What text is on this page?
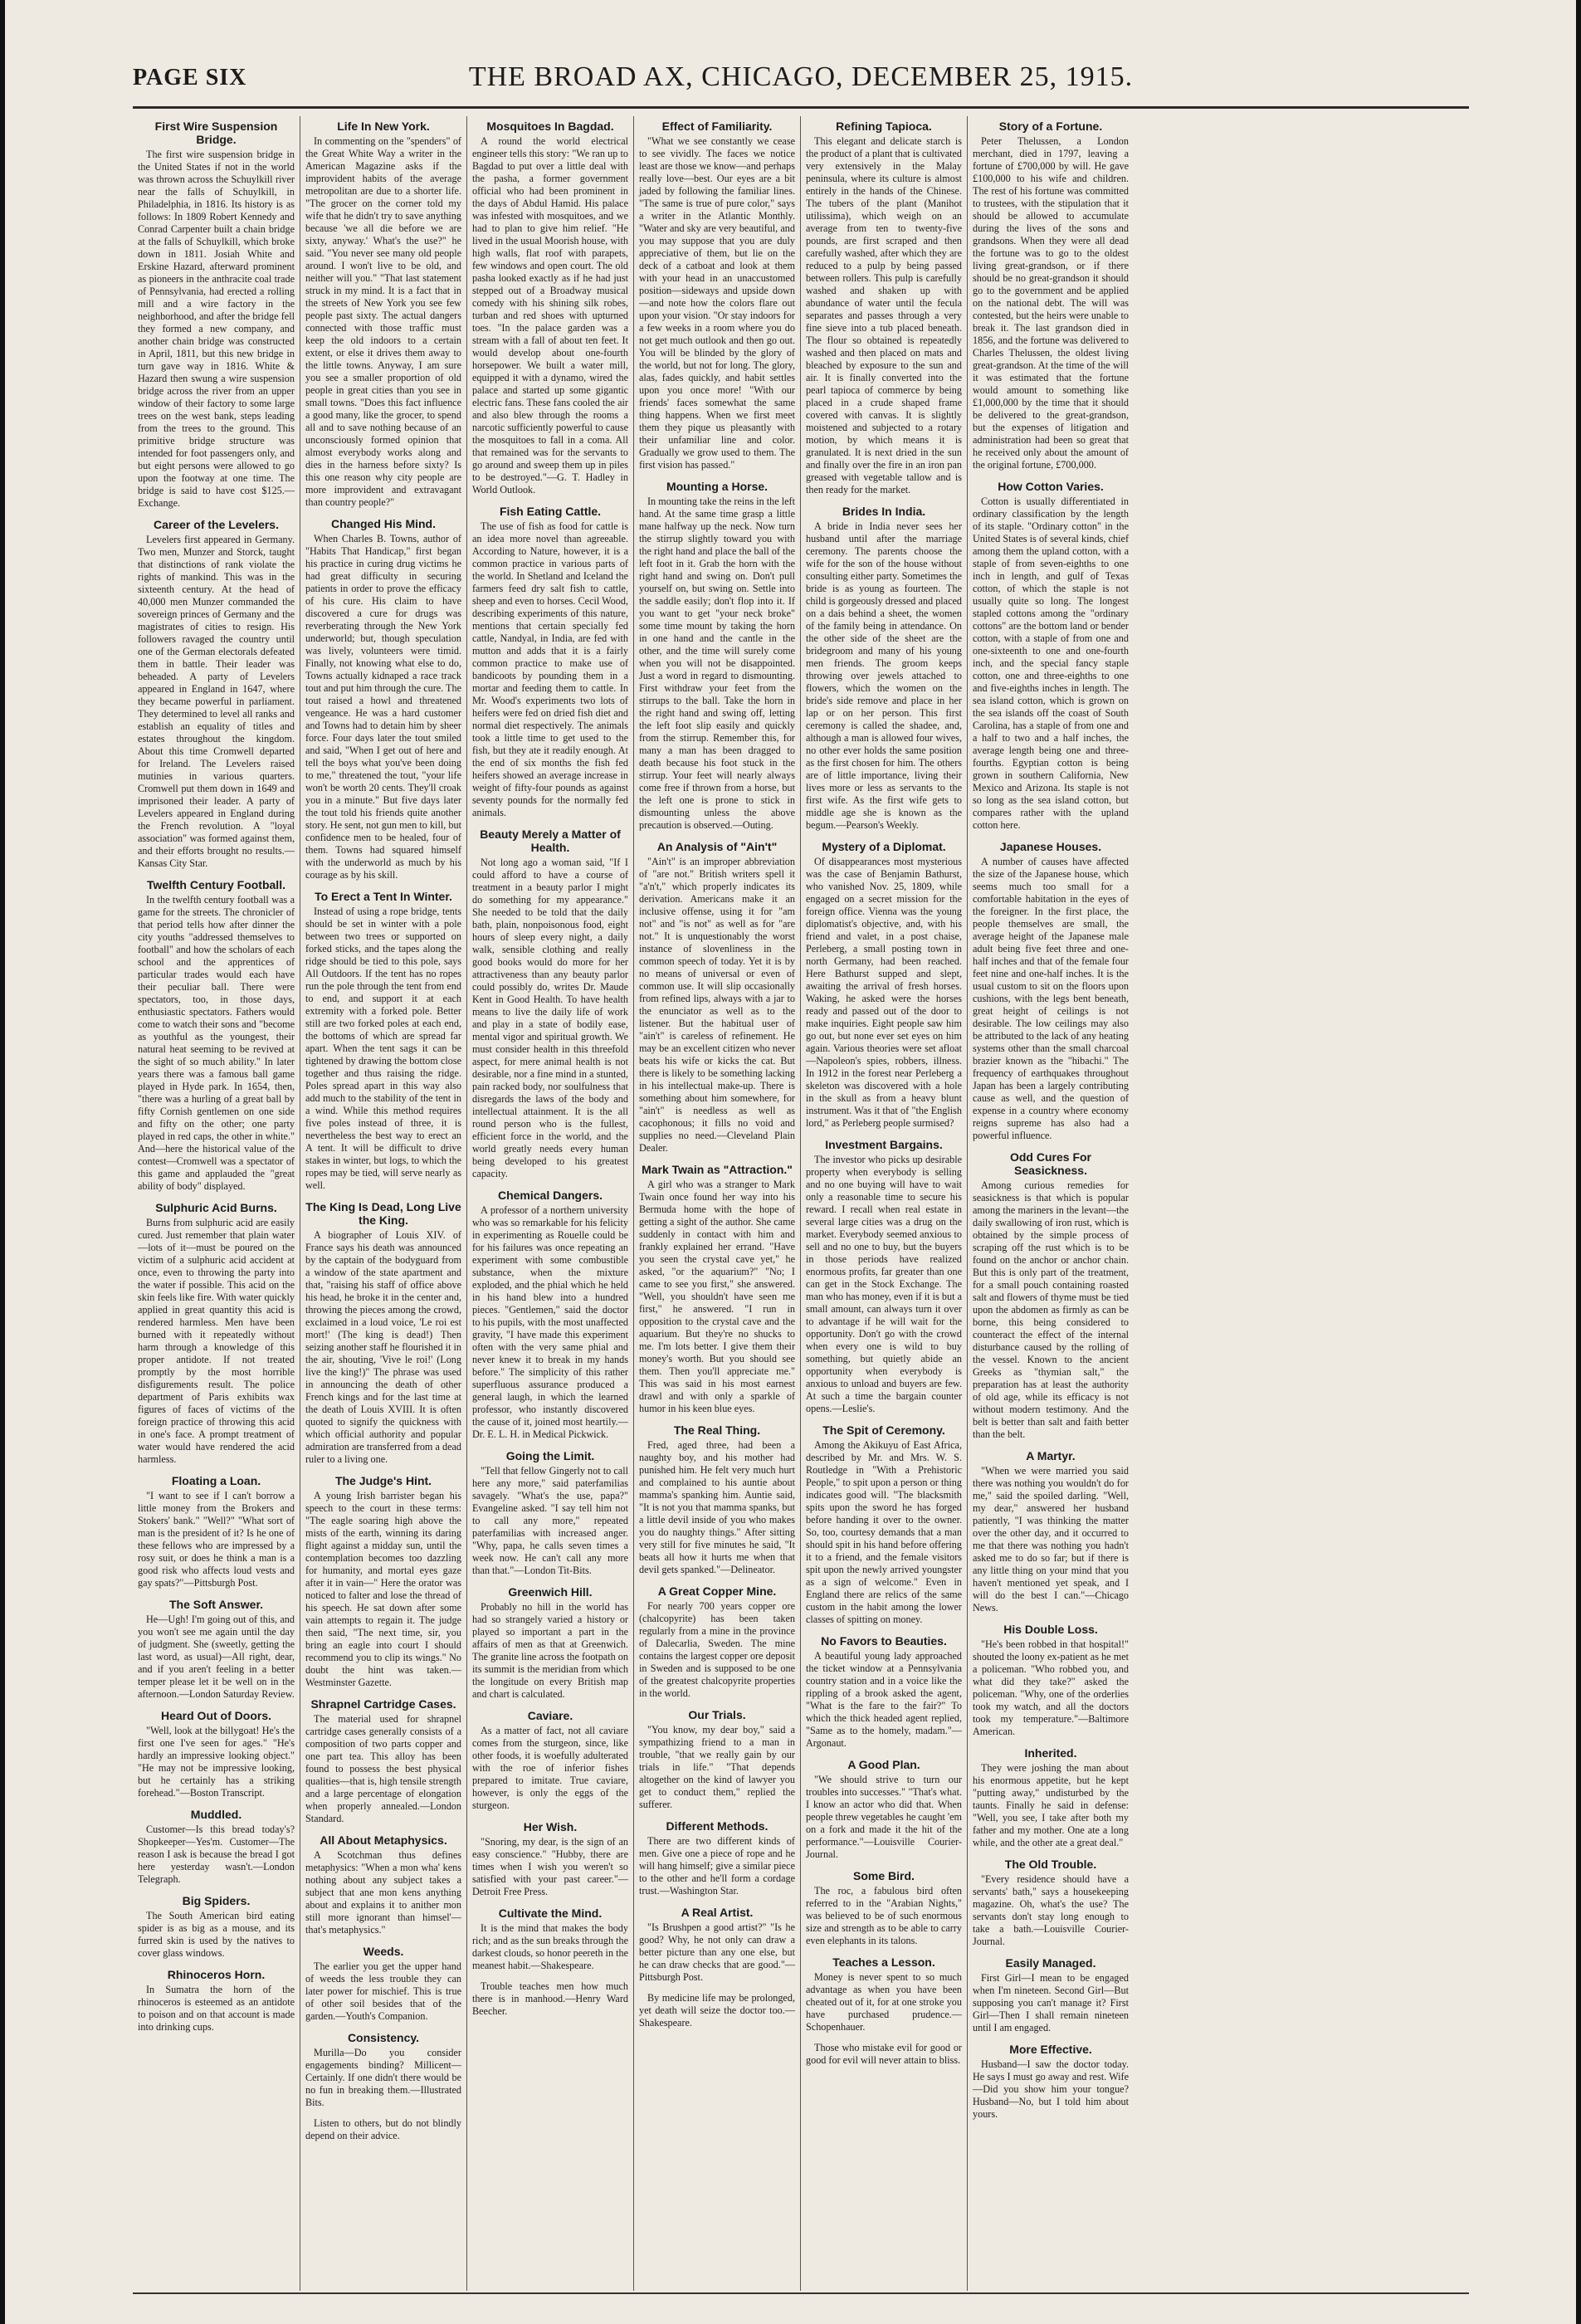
PAGE SIX	THE BROAD AX, CHICAGO, DECEMBER 25, 1915.
First Wire Suspension Bridge.

The first wire suspension bridge in the United States if not in the world was thrown across the Schuylkill river near the falls of Schuylkill, in Philadelphia, in 1816. Its history is as follows: In 1809 Robert Kennedy and Conrad Carpenter built a chain bridge at the falls of Schuylkill, which broke down in 1811. Josiah White and Erskine Hazard, afterward prominent as pioneers in the anthracite coal trade of Pennsylvania, had erected a rolling mill and a wire factory in the neighborhood, and after the bridge fell they formed a new company, and another chain bridge was constructed in April, 1811, but this new bridge in turn gave way in 1816. White & Hazard then swung a wire suspension bridge across the river from an upper window of their factory to some large trees on the west bank, steps leading from the trees to the ground. This primitive bridge structure was intended for foot passengers only, and but eight persons were allowed to go upon the footway at one time. The bridge is said to have cost $125.—Exchange.

Career of the Levelers.

Levelers first appeared in Germany. Two men, Munzer and Storck, taught that distinctions of rank violate the rights of mankind. This was in the sixteenth century. At the head of 40,000 men Munzer commanded the sovereign princes of Germany and the magistrates of cities to resign. His followers ravaged the country until one of the German electorals defeated them in battle. Their leader was beheaded. A party of Levelers appeared in England in 1647, where they became powerful in parliament. They determined to level all ranks and establish an equality of titles and estates throughout the kingdom. About this time Cromwell departed for Ireland. The Levelers raised mutinies in various quarters. Cromwell put them down in 1649 and imprisoned their leader. A party of Levelers appeared in England during the French revolution. A "loyal association" was formed against them, and their efforts brought no results.—Kansas City Star.

Twelfth Century Football.

In the twelfth century football was a game for the streets. The chronicler of that period tells how after dinner the city youths "addressed themselves to football" and how the scholars of each school and the apprentices of particular trades would each have their peculiar ball. There were spectators, too, in those days, enthusiastic spectators. Fathers would come to watch their sons and "become as youthful as the youngest, their natural heat seeming to be revived at the sight of so much ability." In later years there was a famous ball game played in Hyde park. In 1654, then, "there was a hurling of a great ball by fifty Cornish gentlemen on one side and fifty on the other; one party played in red caps, the other in white." And—here the historical value of the contest—Cromwell was a spectator of this game and applauded the "great ability of body" displayed.

Sulphuric Acid Burns.

Burns from sulphuric acid are easily cured. Just remember that plain water—lots of it—must be poured on the victim of a sulphuric acid accident at once, even to throwing the party into the water if possible. This acid on the skin feels like fire. With water quickly applied in great quantity this acid is rendered harmless. Men have been burned with it repeatedly without harm through a knowledge of this proper antidote. If not treated promptly by the most horrible disfigurements result. The police department of Paris exhibits wax figures of faces of victims of the foreign practice of throwing this acid in one's face. A prompt treatment of water would have rendered the acid harmless.

Floating a Loan.

"I want to see if I can't borrow a little money from the Brokers and Stokers' bank." "Well?" "What sort of man is the president of it? Is he one of these fellows who are impressed by a rosy suit, or does he think a man is a good risk who affects loud vests and gay spats?"—Pittsburgh Post.

The Soft Answer.

He—Ugh! I'm going out of this, and you won't see me again until the day of judgment. She (sweetly, getting the last word, as usual)—All right, dear, and if you aren't feeling in a better temper please let it be well on in the afternoon.—London Saturday Review.

Heard Out of Doors.

"Well, look at the billygoat! He's the first one I've seen for ages." "He's hardly an impressive looking object." "He may not be impressive looking, but he certainly has a striking forehead."—Boston Transcript.

Muddled.

Customer—Is this bread today's? Shopkeeper—Yes'm. Customer—The reason I ask is because the bread I got here yesterday wasn't.—London Telegraph.

Big Spiders.

The South American bird eating spider is as big as a mouse, and its furred skin is used by the natives to cover glass windows.

Rhinoceros Horn.

In Sumatra the horn of the rhinoceros is esteemed as an antidote to poison and on that account is made into drinking cups.

Life In New York.

In commenting on the "spenders" of the Great White Way a writer in the American Magazine asks if the improvident habits of the average metropolitan are due to a shorter life. "The grocer on the corner told my wife that he didn't try to save anything because 'we all die before we are sixty, anyway.' What's the use?" he said. "You never see many old people around. I won't live to be old, and neither will you." "That last statement struck in my mind. It is a fact that in the streets of New York you see few people past sixty. The actual dangers connected with those traffic must keep the old indoors to a certain extent, or else it drives them away to the little towns. Anyway, I am sure you see a smaller proportion of old people in great cities than you see in small towns. "Does this fact influence a good many, like the grocer, to spend all and to save nothing because of an unconsciously formed opinion that almost everybody works along and dies in the harness before sixty? Is this one reason why city people are more improvident and extravagant than country people?"

Changed His Mind.

When Charles B. Towns, author of "Habits That Handicap," first began his practice in curing drug victims he had great difficulty in securing patients in order to prove the efficacy of his cure. His claim to have discovered a cure for drugs was reverberating through the New York underworld; but, though speculation was lively, volunteers were timid. Finally, not knowing what else to do, Towns actually kidnaped a race track tout and put him through the cure. The tout raised a howl and threatened vengeance. He was a hard customer and Towns had to detain him by sheer force. Four days later the tout smiled and said, "When I get out of here and tell the boys what you've been doing to me," threatened the tout, "your life won't be worth 20 cents. They'll croak you in a minute." But five days later the tout told his friends quite another story. He sent, not gun men to kill, but confidence men to be healed, four of them. Towns had squared himself with the underworld as much by his courage as by his skill.

To Erect a Tent In Winter.

Instead of using a rope bridge, tents should be set in winter with a pole between two trees or supported on forked sticks, and the tapes along the ridge should be tied to this pole, says All Outdoors. If the tent has no ropes run the pole through the tent from end to end, and support it at each extremity with a forked pole. Better still are two forked poles at each end, the bottoms of which are spread far apart. When the tent sags it can be tightened by drawing the bottom close together and thus raising the ridge. Poles spread apart in this way also add much to the stability of the tent in a wind. While this method requires five poles instead of three, it is nevertheless the best way to erect an A tent. It will be difficult to drive stakes in winter, but logs, to which the ropes may be tied, will serve nearly as well.

The King Is Dead, Long Live the King.

A biographer of Louis XIV. of France says his death was announced by the captain of the bodyguard from a window of the state apartment and that, "raising his staff of office above his head, he broke it in the center and, throwing the pieces among the crowd, exclaimed in a loud voice, 'Le roi est mort!' (The king is dead!) Then seizing another staff he flourished it in the air, shouting, 'Vive le roi!' (Long live the king!)" The phrase was used in announcing the death of other French kings and for the last time at the death of Louis XVIII. It is often quoted to signify the quickness with which official authority and popular admiration are transferred from a dead ruler to a living one.

The Judge's Hint.

A young Irish barrister began his speech to the court in these terms: "The eagle soaring high above the mists of the earth, winning its daring flight against a midday sun, until the contemplation becomes too dazzling for humanity, and mortal eyes gaze after it in vain—" Here the orator was noticed to falter and lose the thread of his speech. He sat down after some vain attempts to regain it. The judge then said, "The next time, sir, you bring an eagle into court I should recommend you to clip its wings." No doubt the hint was taken.—Westminster Gazette.

Shrapnel Cartridge Cases.

The material used for shrapnel cartridge cases generally consists of a composition of two parts copper and one part tea. This alloy has been found to possess the best physical qualities—that is, high tensile strength and a large percentage of elongation when properly annealed.—London Standard.

All About Metaphysics.

A Scotchman thus defines metaphysics: "When a mon wha' kens nothing about any subject takes a subject that ane mon kens anything about and explains it to anither mon still more ignorant than himsel'—that's metaphysics."

Weeds.

The earlier you get the upper hand of weeds the less trouble they can later power for mischief. This is true of other soil besides that of the garden.—Youth's Companion.

Consistency.

Murilla—Do you consider engagements binding? Millicent—Certainly. If one didn't there would be no fun in breaking them.—Illustrated Bits.

Listen to others, but do not blindly depend on their advice.

Mosquitoes In Bagdad.

A round the world electrical engineer tells this story: "We ran up to Bagdad to put over a little deal with the pasha, a former government official who had been prominent in the days of Abdul Hamid. His palace was infested with mosquitoes, and we had to plan to give him relief. "He lived in the usual Moorish house, with high walls, flat roof with parapets, few windows and open court. The old pasha looked exactly as if he had just stepped out of a Broadway musical comedy with his shining silk robes, turban and red shoes with upturned toes. "In the palace garden was a stream with a fall of about ten feet. It would develop about one-fourth horsepower. We built a water mill, equipped it with a dynamo, wired the palace and started up some gigantic electric fans. These fans cooled the air and also blew through the rooms a narcotic sufficiently powerful to cause the mosquitoes to fall in a coma. All that remained was for the servants to go around and sweep them up in piles to be destroyed."—G. T. Hadley in World Outlook.

Fish Eating Cattle.

The use of fish as food for cattle is an idea more novel than agreeable. According to Nature, however, it is a common practice in various parts of the world. In Shetland and Iceland the farmers feed dry salt fish to cattle, sheep and even to horses. Cecil Wood, describing experiments of this nature, mentions that certain specially fed cattle, Nandyal, in India, are fed with mutton and adds that it is a fairly common practice to make use of bandicoots by pounding them in a mortar and feeding them to cattle. In Mr. Wood's experiments two lots of heifers were fed on dried fish diet and normal diet respectively. The animals took a little time to get used to the fish, but they ate it readily enough. At the end of six months the fish fed heifers showed an average increase in weight of fifty-four pounds as against seventy pounds for the normally fed animals.

Beauty Merely a Matter of Health.

Not long ago a woman said, "If I could afford to have a course of treatment in a beauty parlor I might do something for my appearance." She needed to be told that the daily bath, plain, nonpoisonous food, eight hours of sleep every night, a daily walk, sensible clothing and really good books would do more for her attractiveness than any beauty parlor could possibly do, writes Dr. Maude Kent in Good Health. To have health means to live the daily life of work and play in a state of bodily ease, mental vigor and spiritual growth. We must consider health in this threefold aspect, for mere animal health is not desirable, nor a fine mind in a stunted, pain racked body, nor soulfulness that disregards the laws of the body and intellectual attainment. It is the all round person who is the fullest, efficient force in the world, and the world greatly needs every human being developed to his greatest capacity.

Chemical Dangers.

A professor of a northern university who was so remarkable for his felicity in experimenting as Rouelle could be for his failures was once repeating an experiment with some combustible substance, when the mixture exploded, and the phial which he held in his hand blew into a hundred pieces. "Gentlemen," said the doctor to his pupils, with the most unaffected gravity, "I have made this experiment often with the very same phial and never knew it to break in my hands before." The simplicity of this rather superfluous assurance produced a general laugh, in which the learned professor, who instantly discovered the cause of it, joined most heartily.—Dr. E. L. H. in Medical Pickwick.

Going the Limit.

"Tell that fellow Gingerly not to call here any more," said paterfamilias savagely. "What's the use, papa?" Evangeline asked. "I say tell him not to call any more," repeated paterfamilias with increased anger. "Why, papa, he calls seven times a week now. He can't call any more than that."—London Tit-Bits.

Greenwich Hill.

Probably no hill in the world has had so strangely varied a history or played so important a part in the affairs of men as that at Greenwich. The granite line across the footpath on its summit is the meridian from which the longitude on every British map and chart is calculated.

Caviare.

As a matter of fact, not all caviare comes from the sturgeon, since, like other foods, it is woefully adulterated with the roe of inferior fishes prepared to imitate. True caviare, however, is only the eggs of the sturgeon.

Her Wish.

"Snoring, my dear, is the sign of an easy conscience." "Hubby, there are times when I wish you weren't so satisfied with your past career."—Detroit Free Press.

Cultivate the Mind.

It is the mind that makes the body rich; and as the sun breaks through the darkest clouds, so honor peereth in the meanest habit.—Shakespeare.

Trouble teaches men how much there is in manhood.—Henry Ward Beecher.

Effect of Familiarity.

"What we see constantly we cease to see vividly. The faces we notice least are those we know—and perhaps really love—best. Our eyes are a bit jaded by following the familiar lines. "The same is true of pure color," says a writer in the Atlantic Monthly. "Water and sky are very beautiful, and you may suppose that you are duly appreciative of them, but lie on the deck of a catboat and look at them with your head in an unaccustomed position—sideways and upside down—and note how the colors flare out upon your vision. "Or stay indoors for a few weeks in a room where you do not get much outlook and then go out. You will be blinded by the glory of the world, but not for long. The glory, alas, fades quickly, and habit settles upon you once more! "With our friends' faces somewhat the same thing happens. When we first meet them they pique us pleasantly with their unfamiliar line and color. Gradually we grow used to them. The first vision has passed."

Mounting a Horse.

In mounting take the reins in the left hand. At the same time grasp a little mane halfway up the neck. Now turn the stirrup slightly toward you with the right hand and place the ball of the left foot in it. Grab the horn with the right hand and swing on. Don't pull yourself on, but swing on. Settle into the saddle easily; don't flop into it. If you want to get "your neck broke" some time mount by taking the horn in one hand and the cantle in the other, and the time will surely come when you will not be disappointed. Just a word in regard to dismounting. First withdraw your feet from the stirrups to the ball. Take the horn in the right hand and swing off, letting the left foot slip easily and quickly from the stirrup. Remember this, for many a man has been dragged to death because his foot stuck in the stirrup. Your feet will nearly always come free if thrown from a horse, but the left one is prone to stick in dismounting unless the above precaution is observed.—Outing.

An Analysis of "Ain't"

"Ain't" is an improper abbreviation of "are not." British writers spell it "a'n't," which properly indicates its derivation. Americans make it an inclusive offense, using it for "am not" and "is not" as well as for "are not." It is unquestionably the worst instance of slovenliness in the common speech of today. Yet it is by no means of universal or even of common use. It will slip occasionally from refined lips, always with a jar to the enunciator as well as to the listener. But the habitual user of "ain't" is careless of refinement. He may be an excellent citizen who never beats his wife or kicks the cat. But there is likely to be something lacking in his intellectual make-up. There is something about him somewhere, for "ain't" is needless as well as cacophonous; it fills no void and supplies no need.—Cleveland Plain Dealer.

Mark Twain as "Attraction."

A girl who was a stranger to Mark Twain once found her way into his Bermuda home with the hope of getting a sight of the author. She came suddenly in contact with him and frankly explained her errand. "Have you seen the crystal cave yet," he asked, "or the aquarium?" "No; I came to see you first," she answered. "Well, you shouldn't have seen me first," he answered. "I run in opposition to the crystal cave and the aquarium. But they're no shucks to me. I'm lots better. I give them their money's worth. But you should see them. Then you'll appreciate me." This was said in his most earnest drawl and with only a sparkle of humor in his keen blue eyes.

The Real Thing.

Fred, aged three, had been a naughty boy, and his mother had punished him. He felt very much hurt and complained to his auntie about mamma's spanking him. Auntie said, "It is not you that mamma spanks, but a little devil inside of you who makes you do naughty things." After sitting very still for five minutes he said, "It beats all how it hurts me when that devil gets spanked."—Delineator.

A Great Copper Mine.

For nearly 700 years copper ore (chalcopyrite) has been taken regularly from a mine in the province of Dalecarlia, Sweden. The mine contains the largest copper ore deposit in Sweden and is supposed to be one of the greatest chalcopyrite properties in the world.

Our Trials.

"You know, my dear boy," said a sympathizing friend to a man in trouble, "that we really gain by our trials in life." "That depends altogether on the kind of lawyer you get to conduct them," replied the sufferer.

Different Methods.

There are two different kinds of men. Give one a piece of rope and he will hang himself; give a similar piece to the other and he'll form a cordage trust.—Washington Star.

A Real Artist.

"Is Brushpen a good artist?" "Is he good? Why, he not only can draw a better picture than any one else, but he can draw checks that are good."—Pittsburgh Post.

By medicine life may be prolonged, yet death will seize the doctor too.—Shakespeare.

Refining Tapioca.

This elegant and delicate starch is the product of a plant that is cultivated very extensively in the Malay peninsula, where its culture is almost entirely in the hands of the Chinese. The tubers of the plant (Manihot utilissima), which weigh on an average from ten to twenty-five pounds, are first scraped and then carefully washed, after which they are reduced to a pulp by being passed between rollers. This pulp is carefully washed and shaken up with abundance of water until the fecula separates and passes through a very fine sieve into a tub placed beneath. The flour so obtained is repeatedly washed and then placed on mats and bleached by exposure to the sun and air. It is finally converted into the pearl tapioca of commerce by being placed in a crude shaped frame covered with canvas. It is slightly moistened and subjected to a rotary motion, by which means it is granulated. It is next dried in the sun and finally over the fire in an iron pan greased with vegetable tallow and is then ready for the market.

Brides In India.

A bride in India never sees her husband until after the marriage ceremony. The parents choose the wife for the son of the house without consulting either party. Sometimes the bride is as young as fourteen. The child is gorgeously dressed and placed on a dais behind a sheet, the women of the family being in attendance. On the other side of the sheet are the bridegroom and many of his young men friends. The groom keeps throwing over jewels attached to flowers, which the women on the bride's side remove and place in her lap or on her person. This first ceremony is called the shadee, and, although a man is allowed four wives, no other ever holds the same position as the first chosen for him. The others are of little importance, living their lives more or less as servants to the first wife. As the first wife gets to middle age she is known as the begum.—Pearson's Weekly.

Mystery of a Diplomat.

Of disappearances most mysterious was the case of Benjamin Bathurst, who vanished Nov. 25, 1809, while engaged on a secret mission for the foreign office. Vienna was the young diplomatist's objective, and, with his friend and valet, in a post chaise, Perleberg, a small posting town in north Germany, had been reached. Here Bathurst supped and slept, awaiting the arrival of fresh horses. Waking, he asked were the horses ready and passed out of the door to make inquiries. Eight people saw him go out, but none ever set eyes on him again. Various theories were set afloat—Napoleon's spies, robbers, illness. In 1912 in the forest near Perleberg a skeleton was discovered with a hole in the skull as from a heavy blunt instrument. Was it that of "the English lord," as Perleberg people surmised?

Investment Bargains.

The investor who picks up desirable property when everybody is selling and no one buying will have to wait only a reasonable time to secure his reward. I recall when real estate in several large cities was a drug on the market. Everybody seemed anxious to sell and no one to buy, but the buyers in those periods have realized enormous profits, far greater than one can get in the Stock Exchange. The man who has money, even if it is but a small amount, can always turn it over to advantage if he will wait for the opportunity. Don't go with the crowd when every one is wild to buy something, but quietly abide an opportunity when everybody is anxious to unload and buyers are few. At such a time the bargain counter opens.—Leslie's.

The Spit of Ceremony.

Among the Akikuyu of East Africa, described by Mr. and Mrs. W. S. Routledge in "With a Prehistoric People," to spit upon a person or thing indicates good will. "The blacksmith spits upon the sword he has forged before handing it over to the owner. So, too, courtesy demands that a man should spit in his hand before offering it to a friend, and the female visitors spit upon the newly arrived youngster as a sign of welcome." Even in England there are relics of the same custom in the habit among the lower classes of spitting on money.

No Favors to Beauties.

A beautiful young lady approached the ticket window at a Pennsylvania country station and in a voice like the rippling of a brook asked the agent, "What is the fare to the fair?" To which the thick headed agent replied, "Same as to the homely, madam."—Argonaut.

A Good Plan.

"We should strive to turn our troubles into successes." "That's what. I know an actor who did that. When people threw vegetables he caught 'em on a fork and made it the hit of the performance."—Louisville Courier-Journal.

Some Bird.

The roc, a fabulous bird often referred to in the "Arabian Nights," was believed to be of such enormous size and strength as to be able to carry even elephants in its talons.

Teaches a Lesson.

Money is never spent to so much advantage as when you have been cheated out of it, for at one stroke you have purchased prudence.—Schopenhauer.

Those who mistake evil for good or good for evil will never attain to bliss.

Story of a Fortune.

Peter Thelussen, a London merchant, died in 1797, leaving a fortune of £700,000 by will. He gave £100,000 to his wife and children. The rest of his fortune was committed to trustees, with the stipulation that it should be allowed to accumulate during the lives of the sons and grandsons. When they were all dead the fortune was to go to the oldest living great-grandson, or if there should be no great-grandson it should go to the government and be applied on the national debt. The will was contested, but the heirs were unable to break it. The last grandson died in 1856, and the fortune was delivered to Charles Thelussen, the oldest living great-grandson. At the time of the will it was estimated that the fortune would amount to something like £1,000,000 by the time that it should be delivered to the great-grandson, but the expenses of litigation and administration had been so great that he received only about the amount of the original fortune, £700,000.

How Cotton Varies.

Cotton is usually differentiated in ordinary classification by the length of its staple. "Ordinary cotton" in the United States is of several kinds, chief among them the upland cotton, with a staple of from seven-eighths to one inch in length, and gulf of Texas cotton, of which the staple is not usually quite so long. The longest stapled cottons among the "ordinary cottons" are the bottom land or bender cotton, with a staple of from one and one-sixteenth to one and one-fourth inch, and the special fancy staple cotton, one and three-eighths to one and five-eighths inches in length. The sea island cotton, which is grown on the sea islands off the coast of South Carolina, has a staple of from one and a half to two and a half inches, the average length being one and three-fourths. Egyptian cotton is being grown in southern California, New Mexico and Arizona. Its staple is not so long as the sea island cotton, but compares rather with the upland cotton here.

Japanese Houses.

A number of causes have affected the size of the Japanese house, which seems much too small for a comfortable habitation in the eyes of the foreigner. In the first place, the people themselves are small, the average height of the Japanese male adult being five feet three and one-half inches and that of the female four feet nine and one-half inches. It is the usual custom to sit on the floors upon cushions, with the legs bent beneath, great height of ceilings is not desirable. The low ceilings may also be attributed to the lack of any heating systems other than the small charcoal brazier known as the "hibachi." The frequency of earthquakes throughout Japan has been a largely contributing cause as well, and the question of expense in a country where economy reigns supreme has also had a powerful influence.

Odd Cures For Seasickness.

Among curious remedies for seasickness is that which is popular among the mariners in the levant—the daily swallowing of iron rust, which is obtained by the simple process of scraping off the rust which is to be found on the anchor or anchor chain. But this is only part of the treatment, for a small pouch containing roasted salt and flowers of thyme must be tied upon the abdomen as firmly as can be borne, this being considered to counteract the effect of the internal disturbance caused by the rolling of the vessel. Known to the ancient Greeks as "thymian salt," the preparation has at least the authority of old age, while its efficacy is not without modern testimony. And the belt is better than salt and faith better than the belt.

A Martyr.

"When we were married you said there was nothing you wouldn't do for me," said the spoiled darling. "Well, my dear," answered her husband patiently, "I was thinking the matter over the other day, and it occurred to me that there was nothing you hadn't asked me to do so far; but if there is any little thing on your mind that you haven't mentioned yet speak, and I will do the best I can."—Chicago News.

His Double Loss.

"He's been robbed in that hospital!" shouted the loony ex-patient as he met a policeman. "Who robbed you, and what did they take?" asked the policeman. "Why, one of the orderlies took my watch, and all the doctors took my temperature."—Baltimore American.

Inherited.

They were joshing the man about his enormous appetite, but he kept "putting away," undisturbed by the taunts. Finally he said in defense: "Well, you see, I take after both my father and my mother. One ate a long while, and the other ate a great deal."

The Old Trouble.

"Every residence should have a servants' bath," says a housekeeping magazine. Oh, what's the use? The servants don't stay long enough to take a bath.—Louisville Courier-Journal.

Easily Managed.

First Girl—I mean to be engaged when I'm nineteen. Second Girl—But supposing you can't manage it? First Girl—Then I shall remain nineteen until I am engaged.

More Effective.

Husband—I saw the doctor today. He says I must go away and rest. Wife—Did you show him your tongue? Husband—No, but I told him about yours.
